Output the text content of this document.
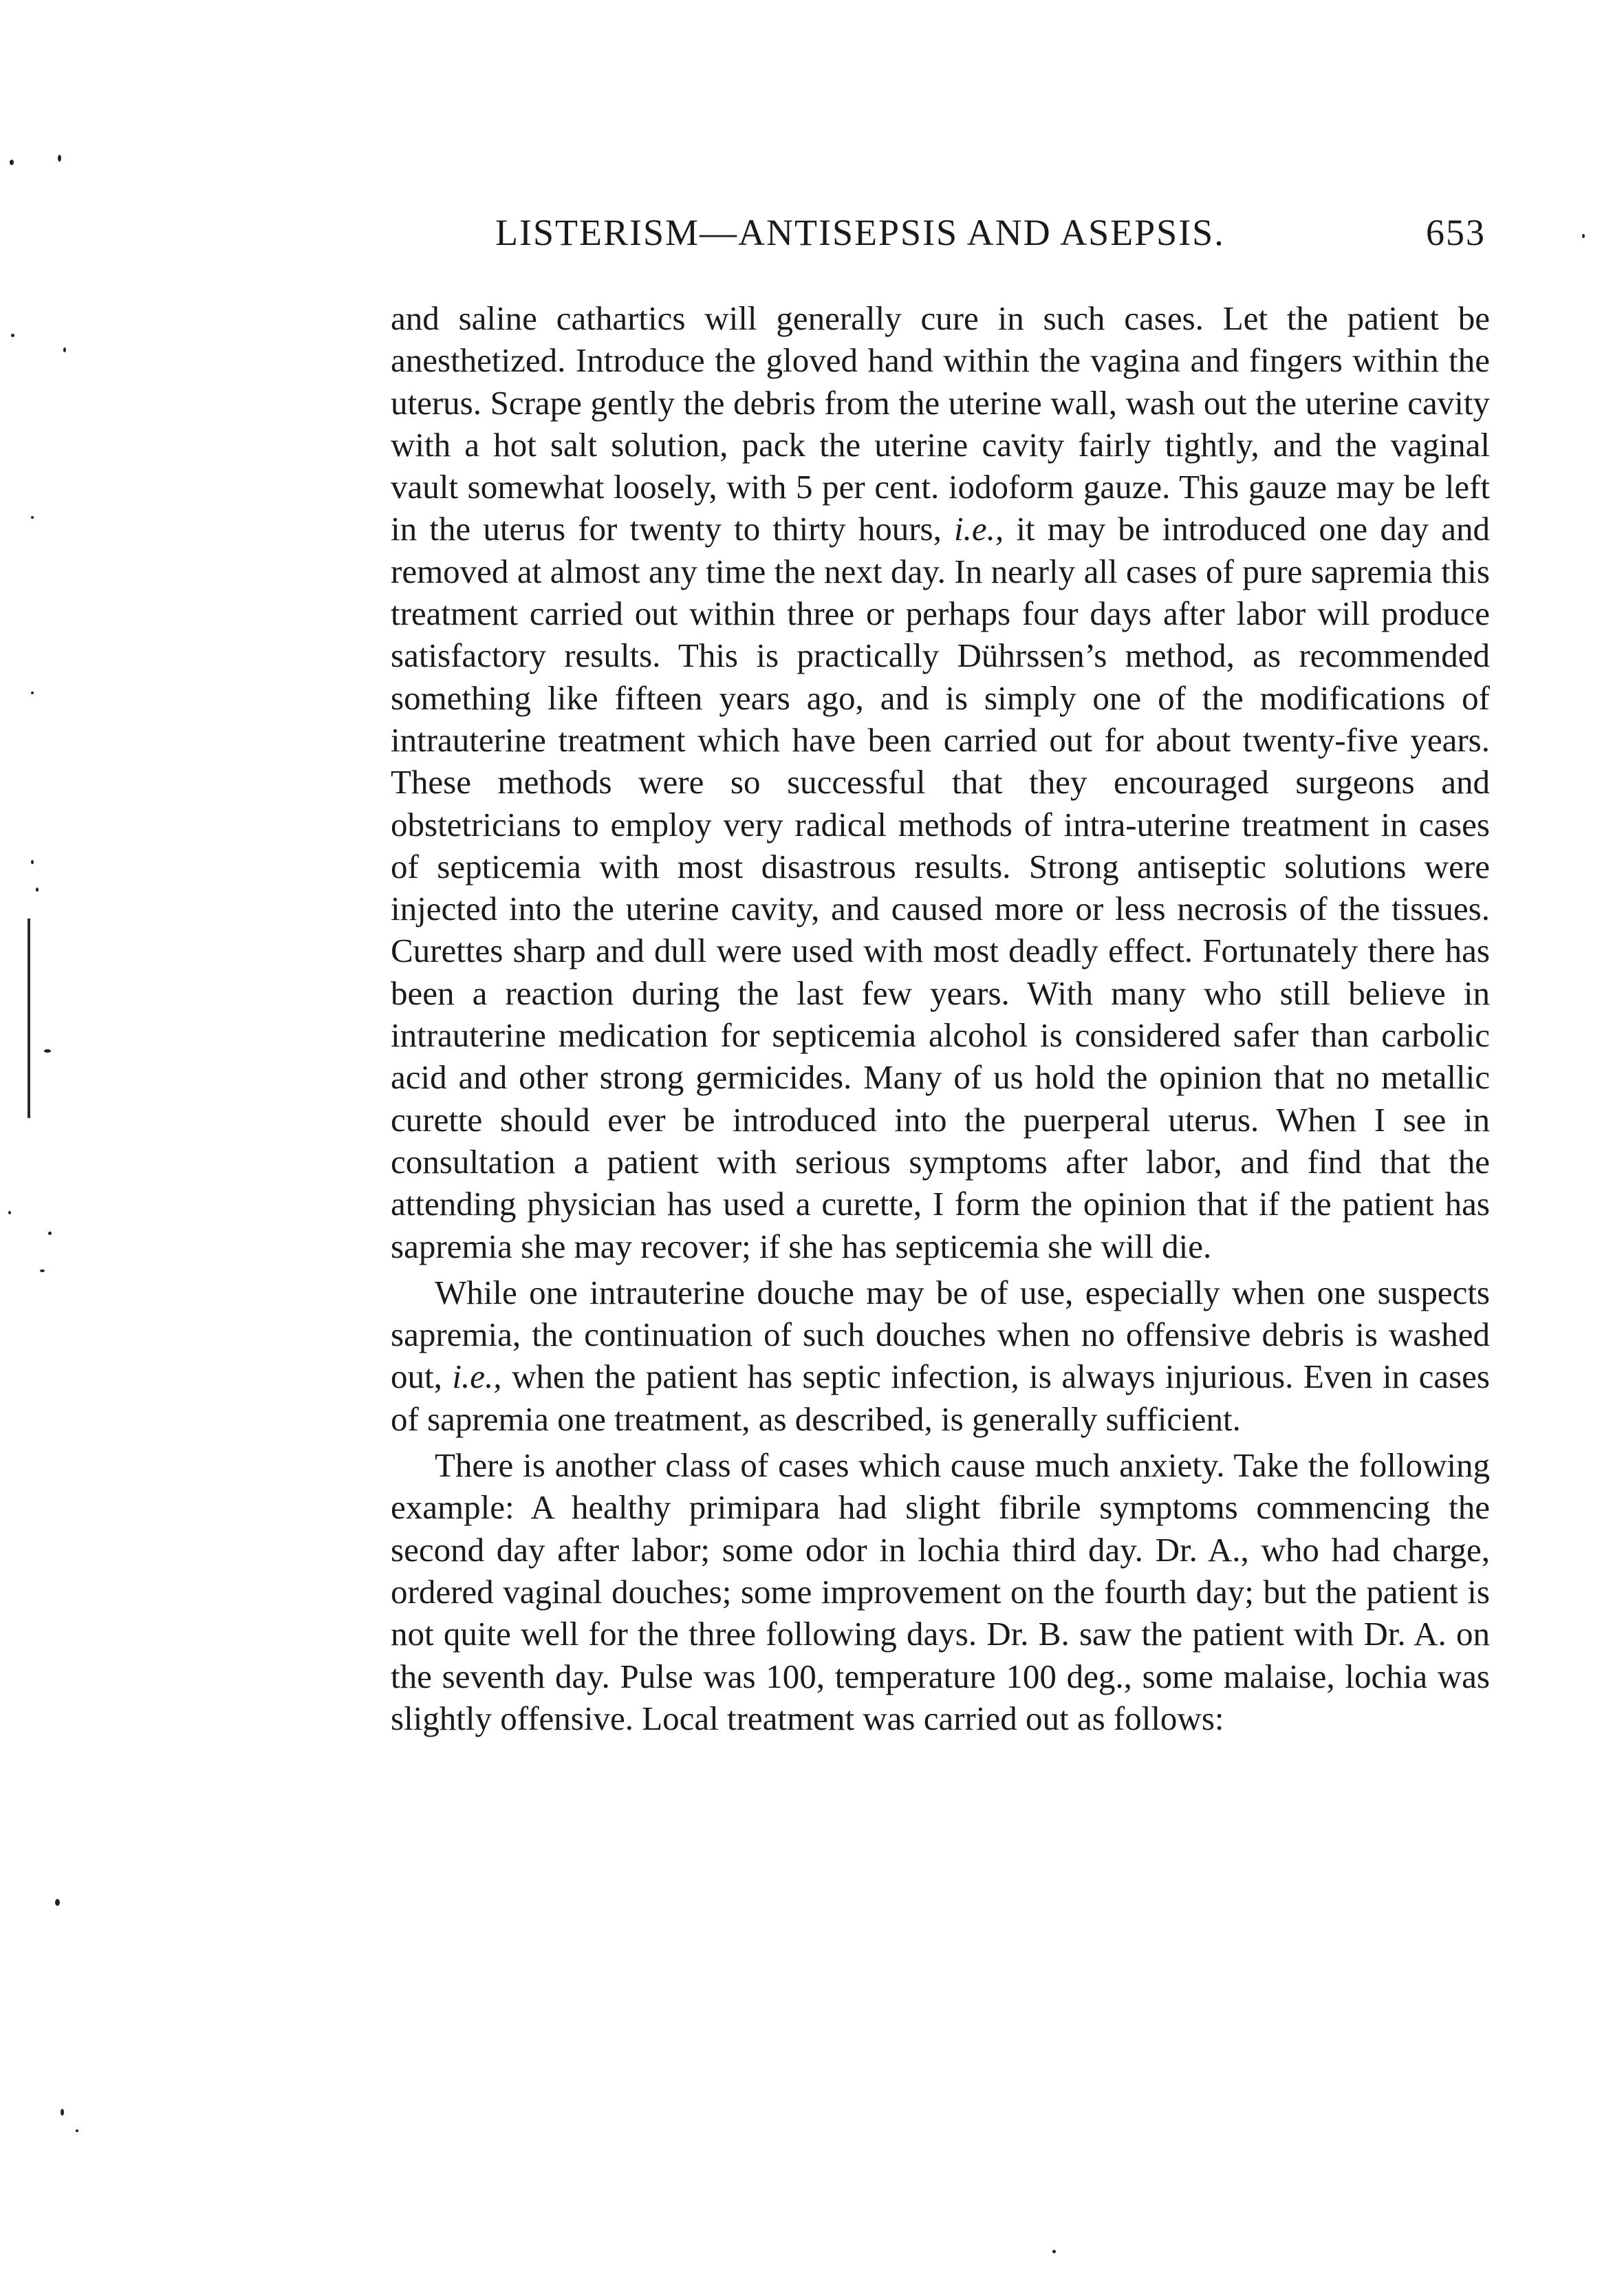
LISTERISM—ANTISEPSIS AND ASEPSIS.	653

and saline cathartics will generally cure in such cases. Let the patient be anesthetized. Introduce the gloved hand within the vagina and fingers within the uterus. Scrape gently the debris from the uterine wall, wash out the uterine cavity with a hot salt solution, pack the uterine cavity fairly tightly, and the vaginal vault somewhat loosely, with 5 per cent. iodoform gauze. This gauze may be left in the uterus for twenty to thirty hours, i.e., it may be introduced one day and removed at almost any time the next day. In nearly all cases of pure sapremia this treatment carried out within three or perhaps four days after labor will produce satisfactory results. This is practically Dührssen’s method, as recommended something like fifteen years ago, and is simply one of the modifications of intrauterine treatment which have been carried out for about twenty-five years. These methods were so successful that they encouraged surgeons and obstetricians to employ very radical methods of intra-uterine treatment in cases of septicemia with most disastrous results. Strong antiseptic solutions were injected into the uterine cavity, and caused more or less necrosis of the tissues. Curettes sharp and dull were used with most deadly effect. Fortunately there has been a reaction during the last few years. With many who still believe in intrauterine medication for septicemia alcohol is considered safer than carbolic acid and other strong germicides. Many of us hold the opinion that no metallic curette should ever be introduced into the puerperal uterus. When I see in consultation a patient with serious symptoms after labor, and find that the attending physician has used a curette, I form the opinion that if the patient has sapremia she may recover; if she has septicemia she will die.

While one intrauterine douche may be of use, especially when one suspects sapremia, the continuation of such douches when no offensive debris is washed out, i.e., when the patient has septic infection, is always injurious. Even in cases of sapremia one treatment, as described, is generally sufficient.

There is another class of cases which cause much anxiety. Take the following example: A healthy primipara had slight fibrile symptoms commencing the second day after labor; some odor in lochia third day. Dr. A., who had charge, ordered vaginal douches; some improvement on the fourth day; but the patient is not quite well for the three following days. Dr. B. saw the patient with Dr. A. on the seventh day. Pulse was 100, temperature 100 deg., some malaise, lochia was slightly offensive. Local treatment was carried out as follows:
